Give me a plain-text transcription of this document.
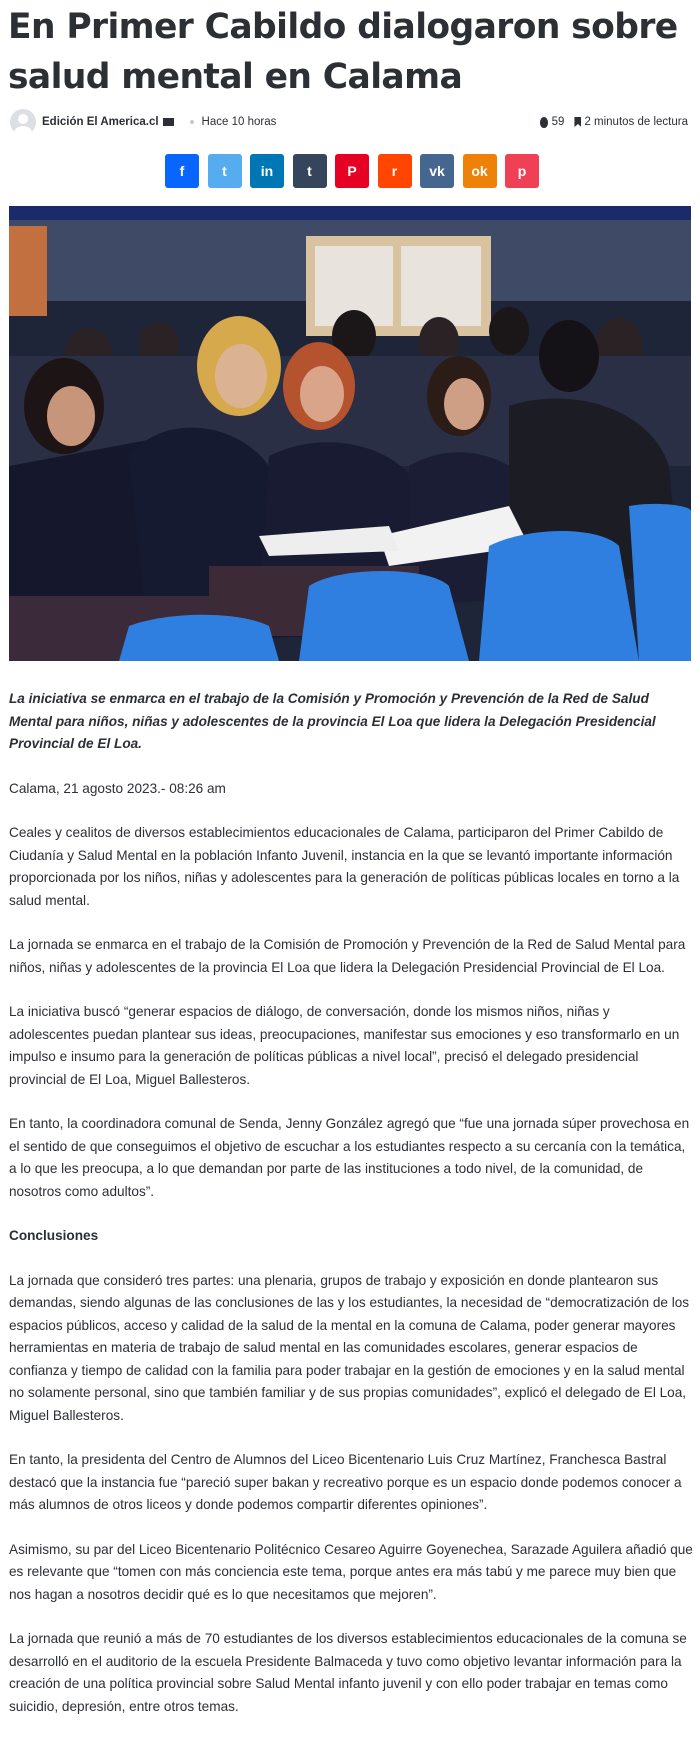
En Primer Cabildo dialogaron sobre salud mental en Calama
Edición El America.cl	Hace 10 horas	59 2 minutos de lectura
f	t	in	t	P	r	vk	ok	p

La iniciativa se enmarca en el trabajo de la Comisión y Promoción y Prevención de la Red de Salud Mental para niños, niñas y adolescentes de la provincia El Loa que lidera la Delegación Presidencial Provincial de El Loa.

Calama, 21 agosto 2023.- 08:26 am

Ceales y cealitos de diversos establecimientos educacionales de Calama, participaron del Primer Cabildo de Ciudanía y Salud Mental en la población Infanto Juvenil, instancia en la que se levantó importante información proporcionada por los niños, niñas y adolescentes para la generación de políticas públicas locales en torno a la salud mental.

La jornada se enmarca en el trabajo de la Comisión de Promoción y Prevención de la Red de Salud Mental para niños, niñas y adolescentes de la provincia El Loa que lidera la Delegación Presidencial Provincial de El Loa.

La iniciativa buscó “generar espacios de diálogo, de conversación, donde los mismos niños, niñas y adolescentes puedan plantear sus ideas, preocupaciones, manifestar sus emociones y eso transformarlo en un impulso e insumo para la generación de políticas públicas a nivel local”, precisó el delegado presidencial provincial de El Loa, Miguel Ballesteros.

En tanto, la coordinadora comunal de Senda, Jenny González agregó que “fue una jornada súper provechosa en el sentido de que conseguimos el objetivo de escuchar a los estudiantes respecto a su cercanía con la temática, a lo que les preocupa, a lo que demandan por parte de las instituciones a todo nivel, de la comunidad, de nosotros como adultos”.

Conclusiones

La jornada que consideró tres partes: una plenaria, grupos de trabajo y exposición en donde plantearon sus demandas, siendo algunas de las conclusiones de las y los estudiantes, la necesidad de “democratización de los espacios públicos, acceso y calidad de la salud de la mental en la comuna de Calama, poder generar mayores herramientas en materia de trabajo de salud mental en las comunidades escolares, generar espacios de confianza y tiempo de calidad con la familia para poder trabajar en la gestión de emociones y en la salud mental no solamente personal, sino que también familiar y de sus propias comunidades”, explicó el delegado de El Loa, Miguel Ballesteros.

En tanto, la presidenta del Centro de Alumnos del Liceo Bicentenario Luis Cruz Martínez, Franchesca Bastral destacó que la instancia fue “pareció super bakan y recreativo porque es un espacio donde podemos conocer a más alumnos de otros liceos y donde podemos compartir diferentes opiniones”.

Asimismo, su par del Liceo Bicentenario Politécnico Cesareo Aguirre Goyenechea, Sarazade Aguilera añadió que es relevante que “tomen con más conciencia este tema, porque antes era más tabú y me parece muy bien que nos hagan a nosotros decidir qué es lo que necesitamos que mejoren”.

La jornada que reunió a más de 70 estudiantes de los diversos establecimientos educacionales de la comuna se desarrolló en el auditorio de la escuela Presidente Balmaceda y tuvo como objetivo levantar información para la creación de una política provincial sobre Salud Mental infanto juvenil y con ello poder trabajar en temas como suicidio, depresión, entre otros temas.
